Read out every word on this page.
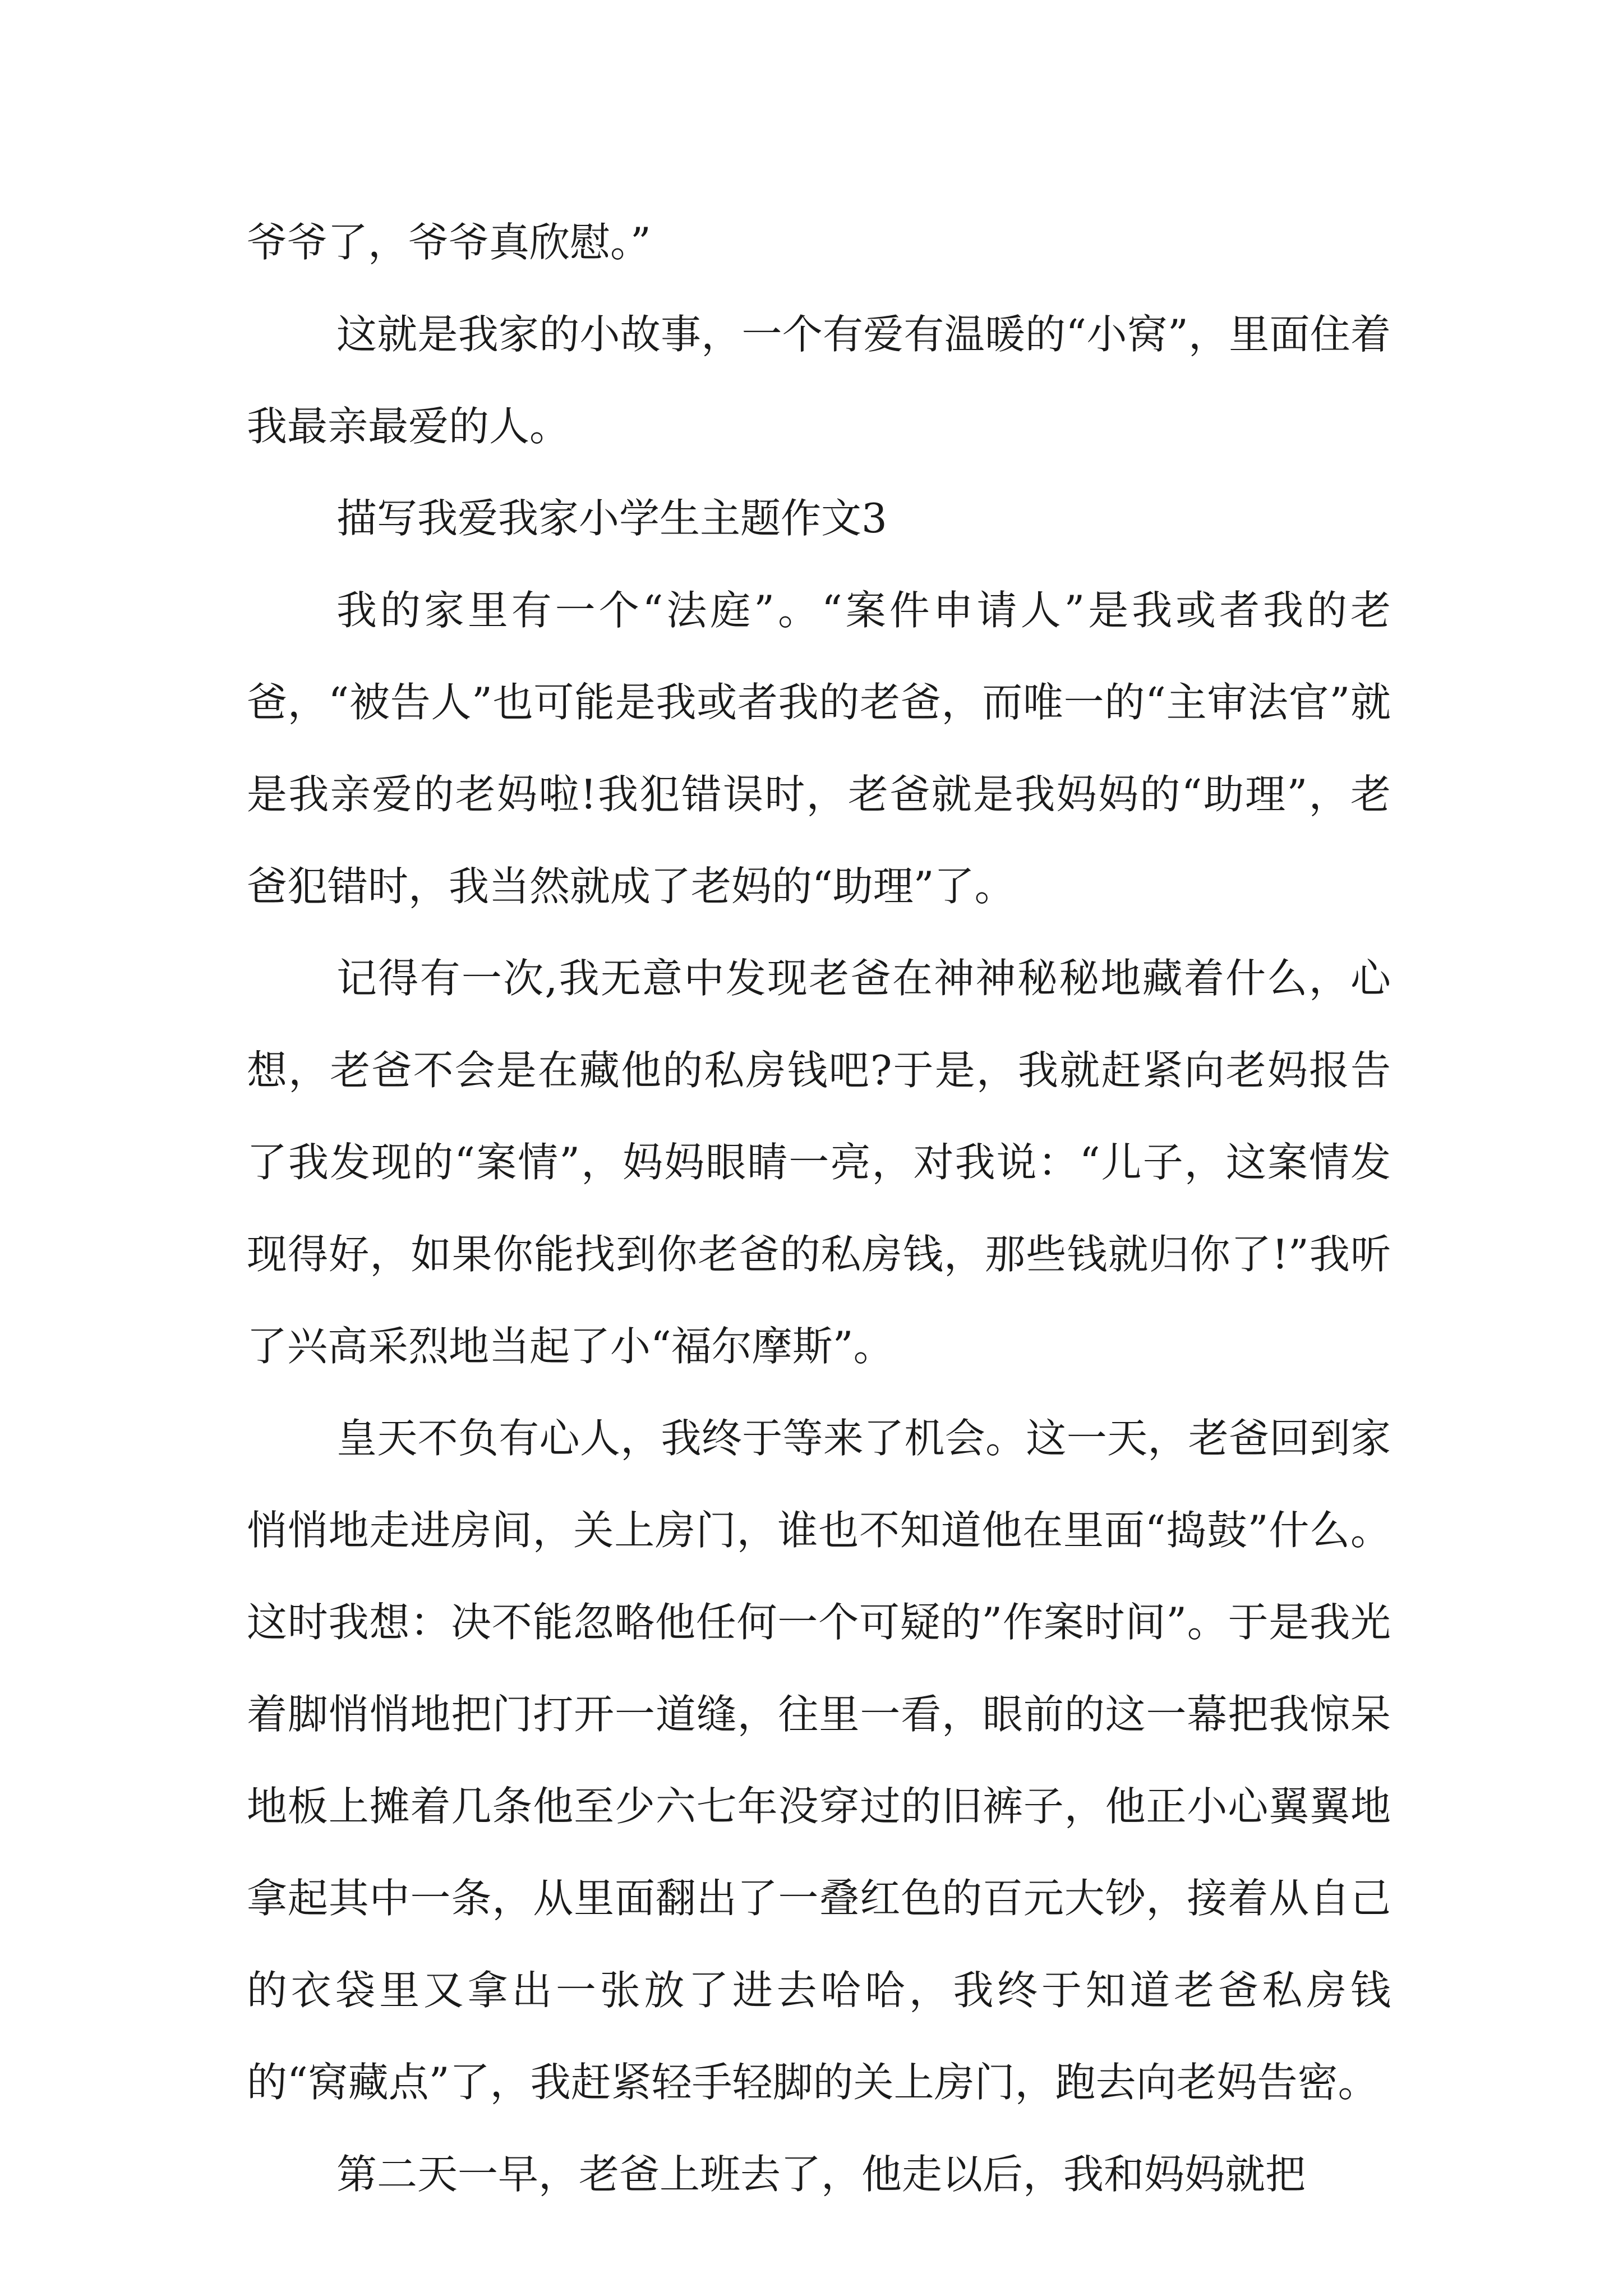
爷爷了，爷爷真欣慰。”

这就是我家的小故事，一个有爱有温暖的“小窝”，里面住着我最亲最爱的人。

描写我爱我家小学生主题作文3

我的家里有一个“法庭”。“案件申请人”是我或者我的老爸，“被告人”也可能是我或者我的老爸，而唯一的“主审法官”就是我亲爱的老妈啦!我犯错误时，老爸就是我妈妈的“助理”，老爸犯错时，我当然就成了老妈的“助理”了。

记得有一次,我无意中发现老爸在神神秘秘地藏着什么，心想，老爸不会是在藏他的私房钱吧?于是，我就赶紧向老妈报告了我发现的“案情”，妈妈眼睛一亮，对我说：“儿子，这案情发现得好，如果你能找到你老爸的私房钱，那些钱就归你了!”我听了兴高采烈地当起了小“福尔摩斯”。

皇天不负有心人，我终于等来了机会。这一天，老爸回到家悄悄地走进房间，关上房门，谁也不知道他在里面“捣鼓”什么。这时我想：决不能忽略他任何一个可疑的”作案时间”。于是我光着脚悄悄地把门打开一道缝，往里一看，眼前的这一幕把我惊呆地板上摊着几条他至少六七年没穿过的旧裤子，他正小心翼翼地拿起其中一条，从里面翻出了一叠红色的百元大钞，接着从自己的衣袋里又拿出一张放了进去哈哈，我终于知道老爸私房钱的“窝藏点”了，我赶紧轻手轻脚的关上房门，跑去向老妈告密。

第二天一早，老爸上班去了，他走以后，我和妈妈就把
